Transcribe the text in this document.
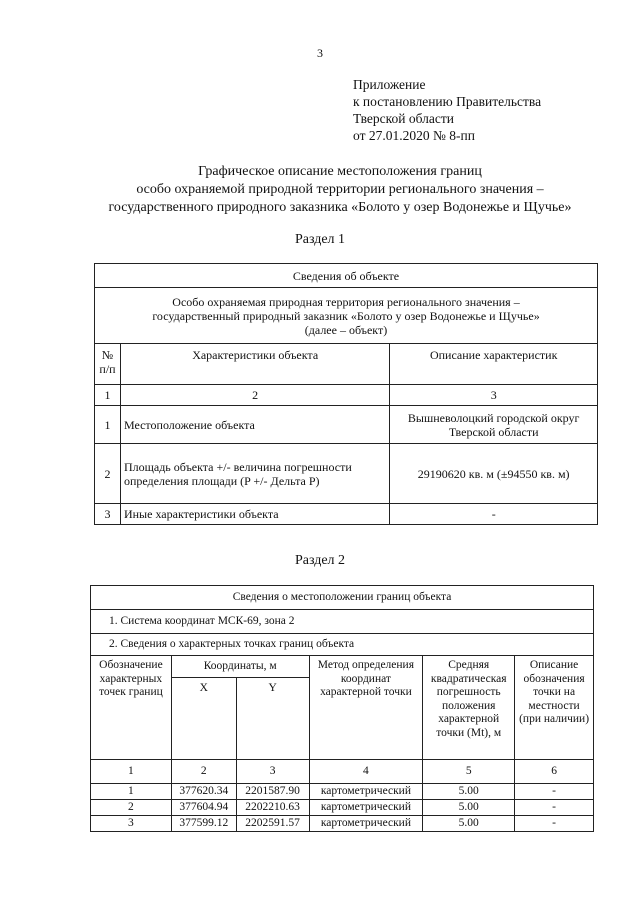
3
Приложение
к постановлению Правительства
Тверской области
от 27.01.2020 № 8-пп
Графическое описание местоположения границ
особо охраняемой природной территории регионального значения –
государственного природного заказника «Болото у озер Водонежье и Щучье»
Раздел 1
Сведения об объекте		

Особо охраняемая природная территория регионального значения –
государственный природный заказник «Болото у озер Водонежье и Щучье»
(далее – объект)		

№ п/п	Характеристики объекта	Описание характеристик
1	2	3
1	Местоположение объекта	Вышневолоцкий городской округ Тверской области
2	Площадь объекта +/- величина погрешности определения площади (P +/- Дельта P)	29190620 кв. м (±94550 кв. м)
3	Иные характеристики объекта	-
Раздел 2
Сведения о местоположении границ объекта					
1. Система координат МСК-69, зона 2					
2. Сведения о характерных точках границ объекта					
Обозначение характерных точек границ	Координаты, м		Метод определения координат характерной точки	Средняя квадратическая погрешность положения характерной точки (Mt), м	Описание обозначения точки на местности (при наличии)
	X	Y			
1	2	3	4	5	6
1	377620.34	2201587.90	картометрический	5.00	-
2	377604.94	2202210.63	картометрический	5.00	-
3	377599.12	2202591.57	картометрический	5.00	-
